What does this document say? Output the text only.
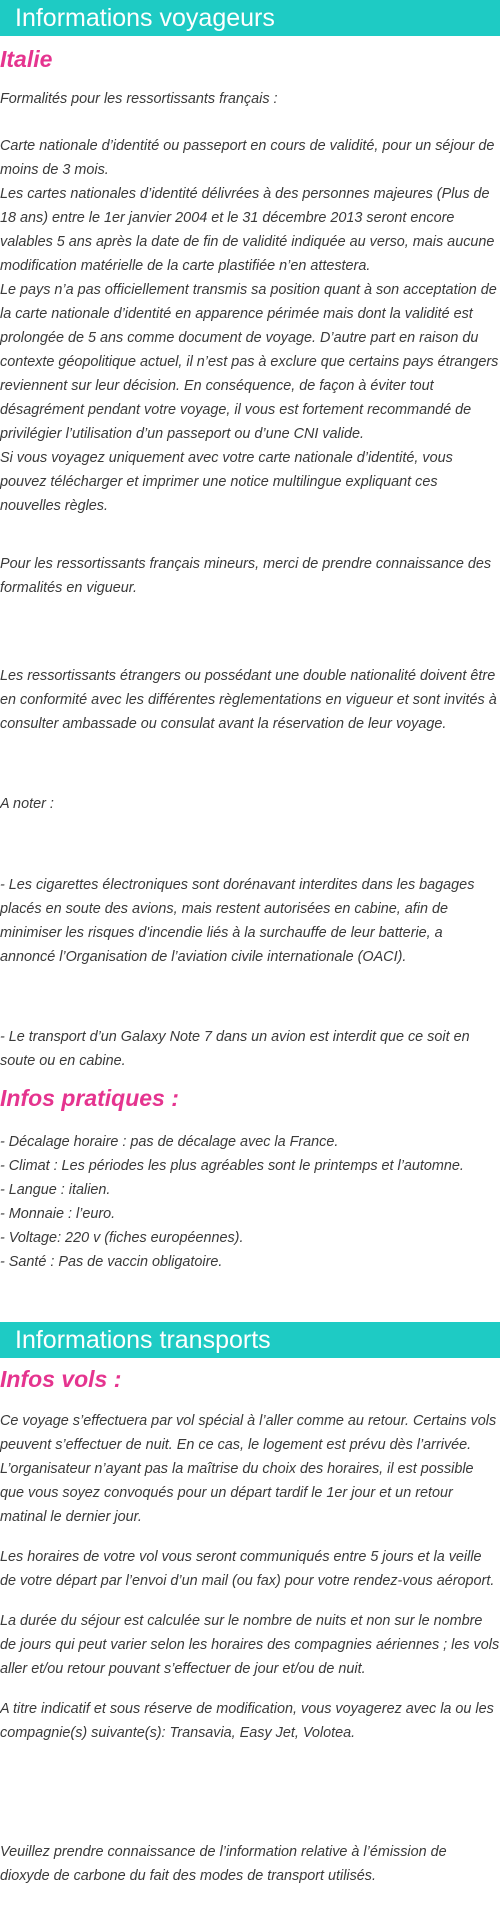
Informations voyageurs
Italie

Formalités pour les ressortissants français :

Carte nationale d’identité ou passeport en cours de validité, pour un séjour de moins de 3 mois.

Les cartes nationales d’identité délivrées à des personnes majeures (Plus de 18 ans) entre le 1er janvier 2004 et le 31 décembre 2013 seront encore valables 5 ans après la date de fin de validité indiquée au verso, mais aucune modification matérielle de la carte plastifiée n’en attestera.

Le pays n’a pas officiellement transmis sa position quant à son acceptation de la carte nationale d’identité en apparence périmée mais dont la validité est prolongée de 5 ans comme document de voyage. D’autre part en raison du contexte géopolitique actuel, il n’est pas à exclure que certains pays étrangers reviennent sur leur décision. En conséquence, de façon à éviter tout désagrément pendant votre voyage, il vous est fortement recommandé de privilégier l’utilisation d’un passeport ou d’une CNI valide.

Si vous voyagez uniquement avec votre carte nationale d’identité, vous pouvez télécharger et imprimer une notice multilingue expliquant ces nouvelles règles.

Pour les ressortissants français mineurs, merci de prendre connaissance des formalités en vigueur.

Les ressortissants étrangers ou possédant une double nationalité doivent être en conformité avec les différentes règlementations en vigueur et sont invités à consulter ambassade ou consulat avant la réservation de leur voyage.

A noter :

- Les cigarettes électroniques sont dorénavant interdites dans les bagages placés en soute des avions, mais restent autorisées en cabine, afin de minimiser les risques d'incendie liés à la surchauffe de leur batterie, a annoncé l’Organisation de l’aviation civile internationale (OACI).

- Le transport d’un Galaxy Note 7 dans un avion est interdit que ce soit en soute ou en cabine.

Infos pratiques :

- Décalage horaire : pas de décalage avec la France.

- Climat : Les périodes les plus agréables sont le printemps et l’automne.

- Langue : italien.

- Monnaie : l’euro.

- Voltage: 220 v (fiches européennes).

- Santé : Pas de vaccin obligatoire.

Informations transports
Infos vols :

Ce voyage s’effectuera par vol spécial à l’aller comme au retour. Certains vols peuvent s’effectuer de nuit. En ce cas, le logement est prévu dès l’arrivée. L’organisateur n’ayant pas la maîtrise du choix des horaires, il est possible que vous soyez convoqués pour un départ tardif le 1er jour et un retour matinal le dernier jour.

Les horaires de votre vol vous seront communiqués entre 5 jours et la veille de votre départ par l’envoi d’un mail (ou fax) pour votre rendez-vous aéroport.

La durée du séjour est calculée sur le nombre de nuits et non sur le nombre de jours qui peut varier selon les horaires des compagnies aériennes ; les vols aller et/ou retour pouvant s’effectuer de jour et/ou de nuit.

A titre indicatif et sous réserve de modification, vous voyagerez avec la ou les compagnie(s) suivante(s): Transavia, Easy Jet, Volotea.

Veuillez prendre connaissance de l’information relative à l’émission de dioxyde de carbone du fait des modes de transport utilisés.
